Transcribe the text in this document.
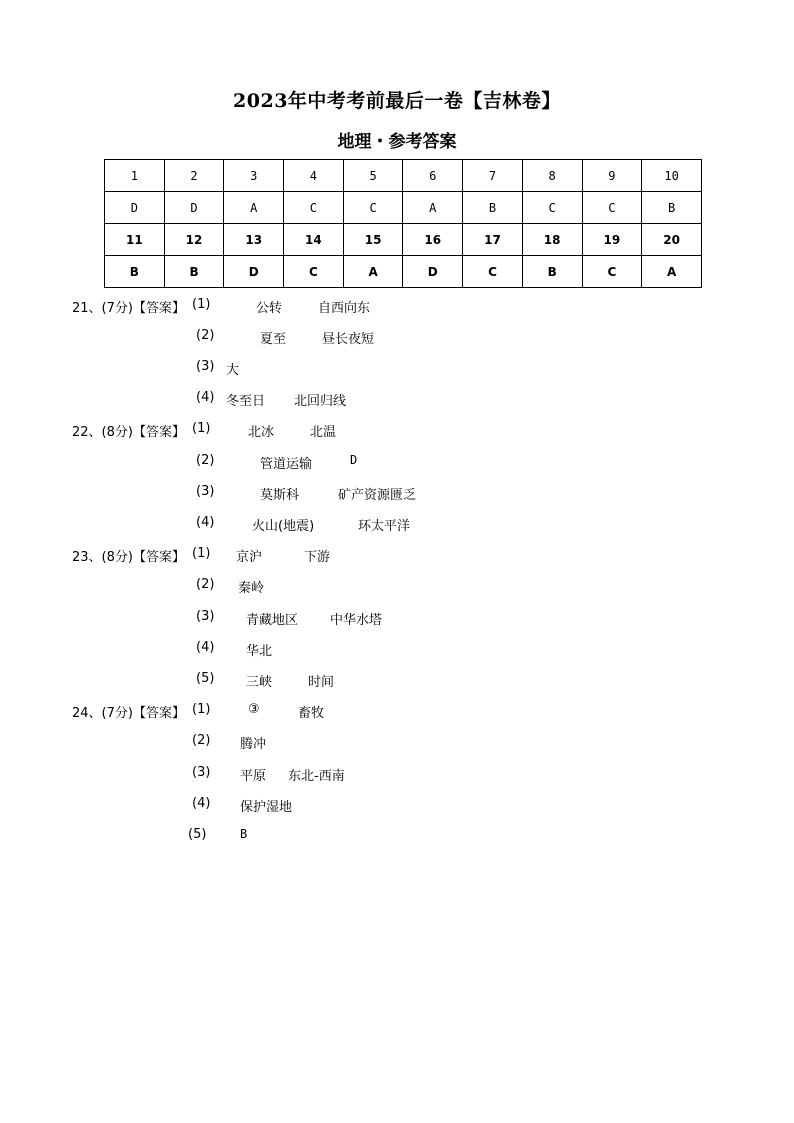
2023年中考考前最后一卷【吉林卷】
地理・参考答案
1	2	3	4	5	6	7	8	9	10
D	D	A	C	C	A	B	C	C	B
11	12	13	14	15	16	17	18	19	20
B	B	D	C	A	D	C	B	C	A
21、(7分)【答案】 (1)	公转	自西向东
(2)	夏至	昼长夜短
(3) 大
(4) 冬至日 北回归线
22、(8分)【答案】 (1)	北冰	北温
(2)	管道运输	D
(3)	莫斯科	矿产资源匮乏
(4)	火山(地震)	环太平洋
23、(8分)【答案】 (1) 京沪	下游
(2) 秦岭
(3) 青藏地区 中华水塔
(4) 华北
(5) 三峡	时间
24、(7分)【答案】 (1)	③	畜牧
(2) 腾冲
(3) 平原 东北-西南
(4) 保护湿地
(5)	B
